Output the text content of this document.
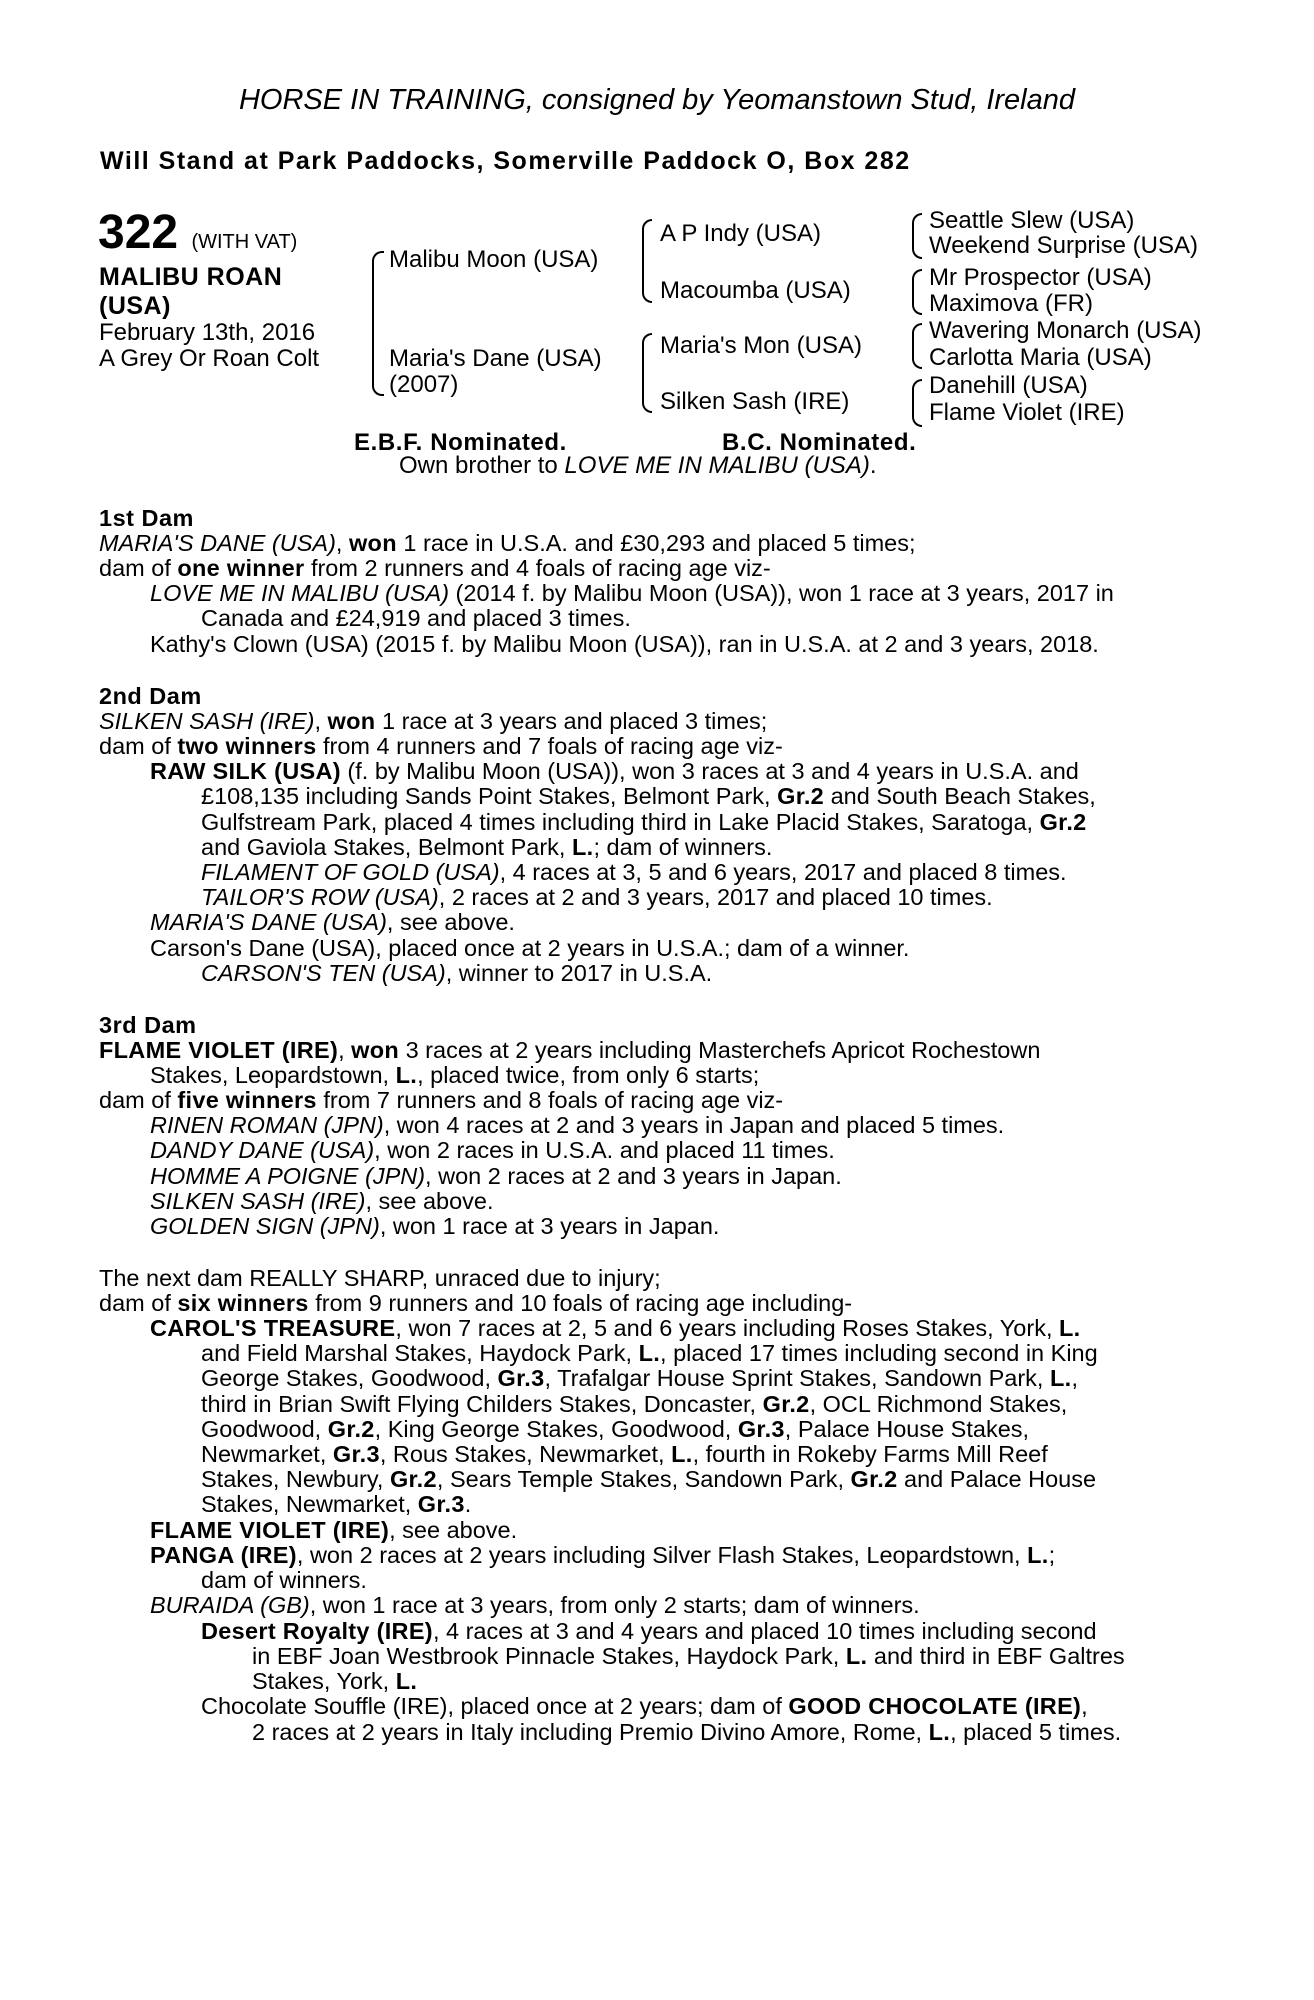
HORSE IN TRAINING, consigned by Yeomanstown Stud, Ireland
Will Stand at Park Paddocks, Somerville Paddock O, Box 282
322 (WITH VAT)
MALIBU ROAN
(USA)
February 13th, 2016
A Grey Or Roan Colt
Malibu Moon (USA)
Maria's Dane (USA)
(2007)
A P Indy (USA)
Macoumba (USA)
Maria's Mon (USA)
Silken Sash (IRE)
Seattle Slew (USA)
Weekend Surprise (USA)
Mr Prospector (USA)
Maximova (FR)
Wavering Monarch (USA)
Carlotta Maria (USA)
Danehill (USA)
Flame Violet (IRE)
E.B.F. Nominated.	B.C. Nominated.
Own brother to LOVE ME IN MALIBU (USA).
1st Dam
MARIA'S DANE (USA), won 1 race in U.S.A. and £30,293 and placed 5 times;
dam of one winner from 2 runners and 4 foals of racing age viz-
LOVE ME IN MALIBU (USA) (2014 f. by Malibu Moon (USA)), won 1 race at 3 years, 2017 in
Canada and £24,919 and placed 3 times.
Kathy's Clown (USA) (2015 f. by Malibu Moon (USA)), ran in U.S.A. at 2 and 3 years, 2018.
2nd Dam
SILKEN SASH (IRE), won 1 race at 3 years and placed 3 times;
dam of two winners from 4 runners and 7 foals of racing age viz-
RAW SILK (USA) (f. by Malibu Moon (USA)), won 3 races at 3 and 4 years in U.S.A. and
£108,135 including Sands Point Stakes, Belmont Park, Gr.2 and South Beach Stakes,
Gulfstream Park, placed 4 times including third in Lake Placid Stakes, Saratoga, Gr.2
and Gaviola Stakes, Belmont Park, L.; dam of winners.
FILAMENT OF GOLD (USA), 4 races at 3, 5 and 6 years, 2017 and placed 8 times.
TAILOR'S ROW (USA), 2 races at 2 and 3 years, 2017 and placed 10 times.
MARIA'S DANE (USA), see above.
Carson's Dane (USA), placed once at 2 years in U.S.A.; dam of a winner.
CARSON'S TEN (USA), winner to 2017 in U.S.A.
3rd Dam
FLAME VIOLET (IRE), won 3 races at 2 years including Masterchefs Apricot Rochestown
Stakes, Leopardstown, L., placed twice, from only 6 starts;
dam of five winners from 7 runners and 8 foals of racing age viz-
RINEN ROMAN (JPN), won 4 races at 2 and 3 years in Japan and placed 5 times.
DANDY DANE (USA), won 2 races in U.S.A. and placed 11 times.
HOMME A POIGNE (JPN), won 2 races at 2 and 3 years in Japan.
SILKEN SASH (IRE), see above.
GOLDEN SIGN (JPN), won 1 race at 3 years in Japan.
The next dam REALLY SHARP, unraced due to injury;
dam of six winners from 9 runners and 10 foals of racing age including-
CAROL'S TREASURE, won 7 races at 2, 5 and 6 years including Roses Stakes, York, L.
and Field Marshal Stakes, Haydock Park, L., placed 17 times including second in King
George Stakes, Goodwood, Gr.3, Trafalgar House Sprint Stakes, Sandown Park, L.,
third in Brian Swift Flying Childers Stakes, Doncaster, Gr.2, OCL Richmond Stakes,
Goodwood, Gr.2, King George Stakes, Goodwood, Gr.3, Palace House Stakes,
Newmarket, Gr.3, Rous Stakes, Newmarket, L., fourth in Rokeby Farms Mill Reef
Stakes, Newbury, Gr.2, Sears Temple Stakes, Sandown Park, Gr.2 and Palace House
Stakes, Newmarket, Gr.3.
FLAME VIOLET (IRE), see above.
PANGA (IRE), won 2 races at 2 years including Silver Flash Stakes, Leopardstown, L.;
dam of winners.
BURAIDA (GB), won 1 race at 3 years, from only 2 starts; dam of winners.
Desert Royalty (IRE), 4 races at 3 and 4 years and placed 10 times including second
in EBF Joan Westbrook Pinnacle Stakes, Haydock Park, L. and third in EBF Galtres
Stakes, York, L.
Chocolate Souffle (IRE), placed once at 2 years; dam of GOOD CHOCOLATE (IRE),
2 races at 2 years in Italy including Premio Divino Amore, Rome, L., placed 5 times.
